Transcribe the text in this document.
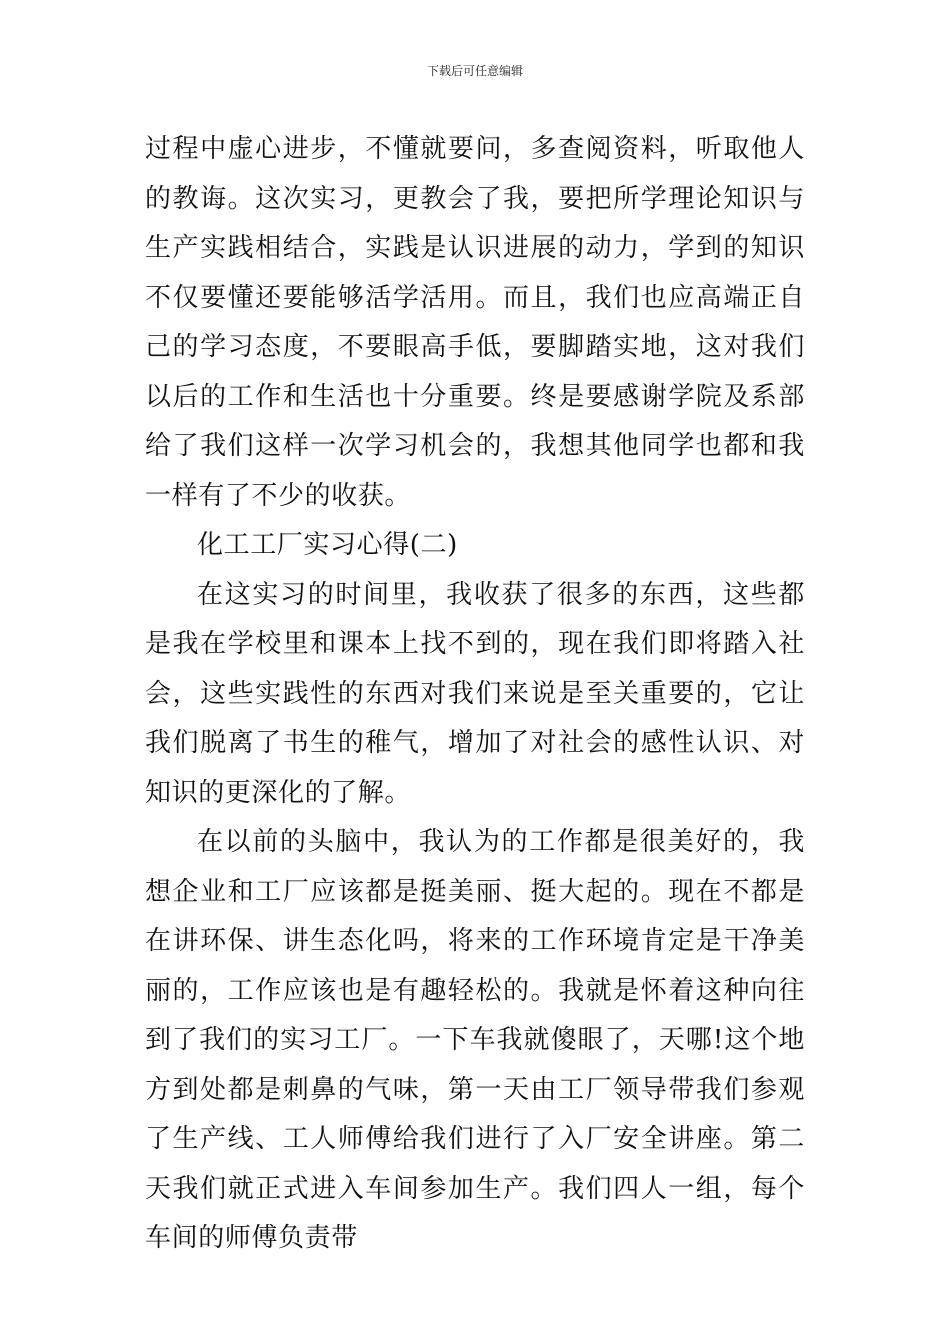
下载后可任意编辑

过程中虚心进步，不懂就要问，多查阅资料，听取他人的教诲。这次实习，更教会了我，要把所学理论知识与生产实践相结合，实践是认识进展的动力，学到的知识不仅要懂还要能够活学活用。而且，我们也应高端正自己的学习态度，不要眼高手低，要脚踏实地，这对我们以后的工作和生活也十分重要。终是要感谢学院及系部给了我们这样一次学习机会的，我想其他同学也都和我一样有了不少的收获。

化工工厂实习心得(二)

在这实习的时间里，我收获了很多的东西，这些都是我在学校里和课本上找不到的，现在我们即将踏入社会，这些实践性的东西对我们来说是至关重要的，它让我们脱离了书生的稚气，增加了对社会的感性认识、对知识的更深化的了解。

在以前的头脑中，我认为的工作都是很美好的，我想企业和工厂应该都是挺美丽、挺大起的。现在不都是在讲环保、讲生态化吗，将来的工作环境肯定是干净美丽的，工作应该也是有趣轻松的。我就是怀着这种向往到了我们的实习工厂。一下车我就傻眼了，天哪!这个地方到处都是刺鼻的气味，第一天由工厂领导带我们参观了生产线、工人师傅给我们进行了入厂安全讲座。第二天我们就正式进入车间参加生产。我们四人一组，每个车间的师傅负责带
